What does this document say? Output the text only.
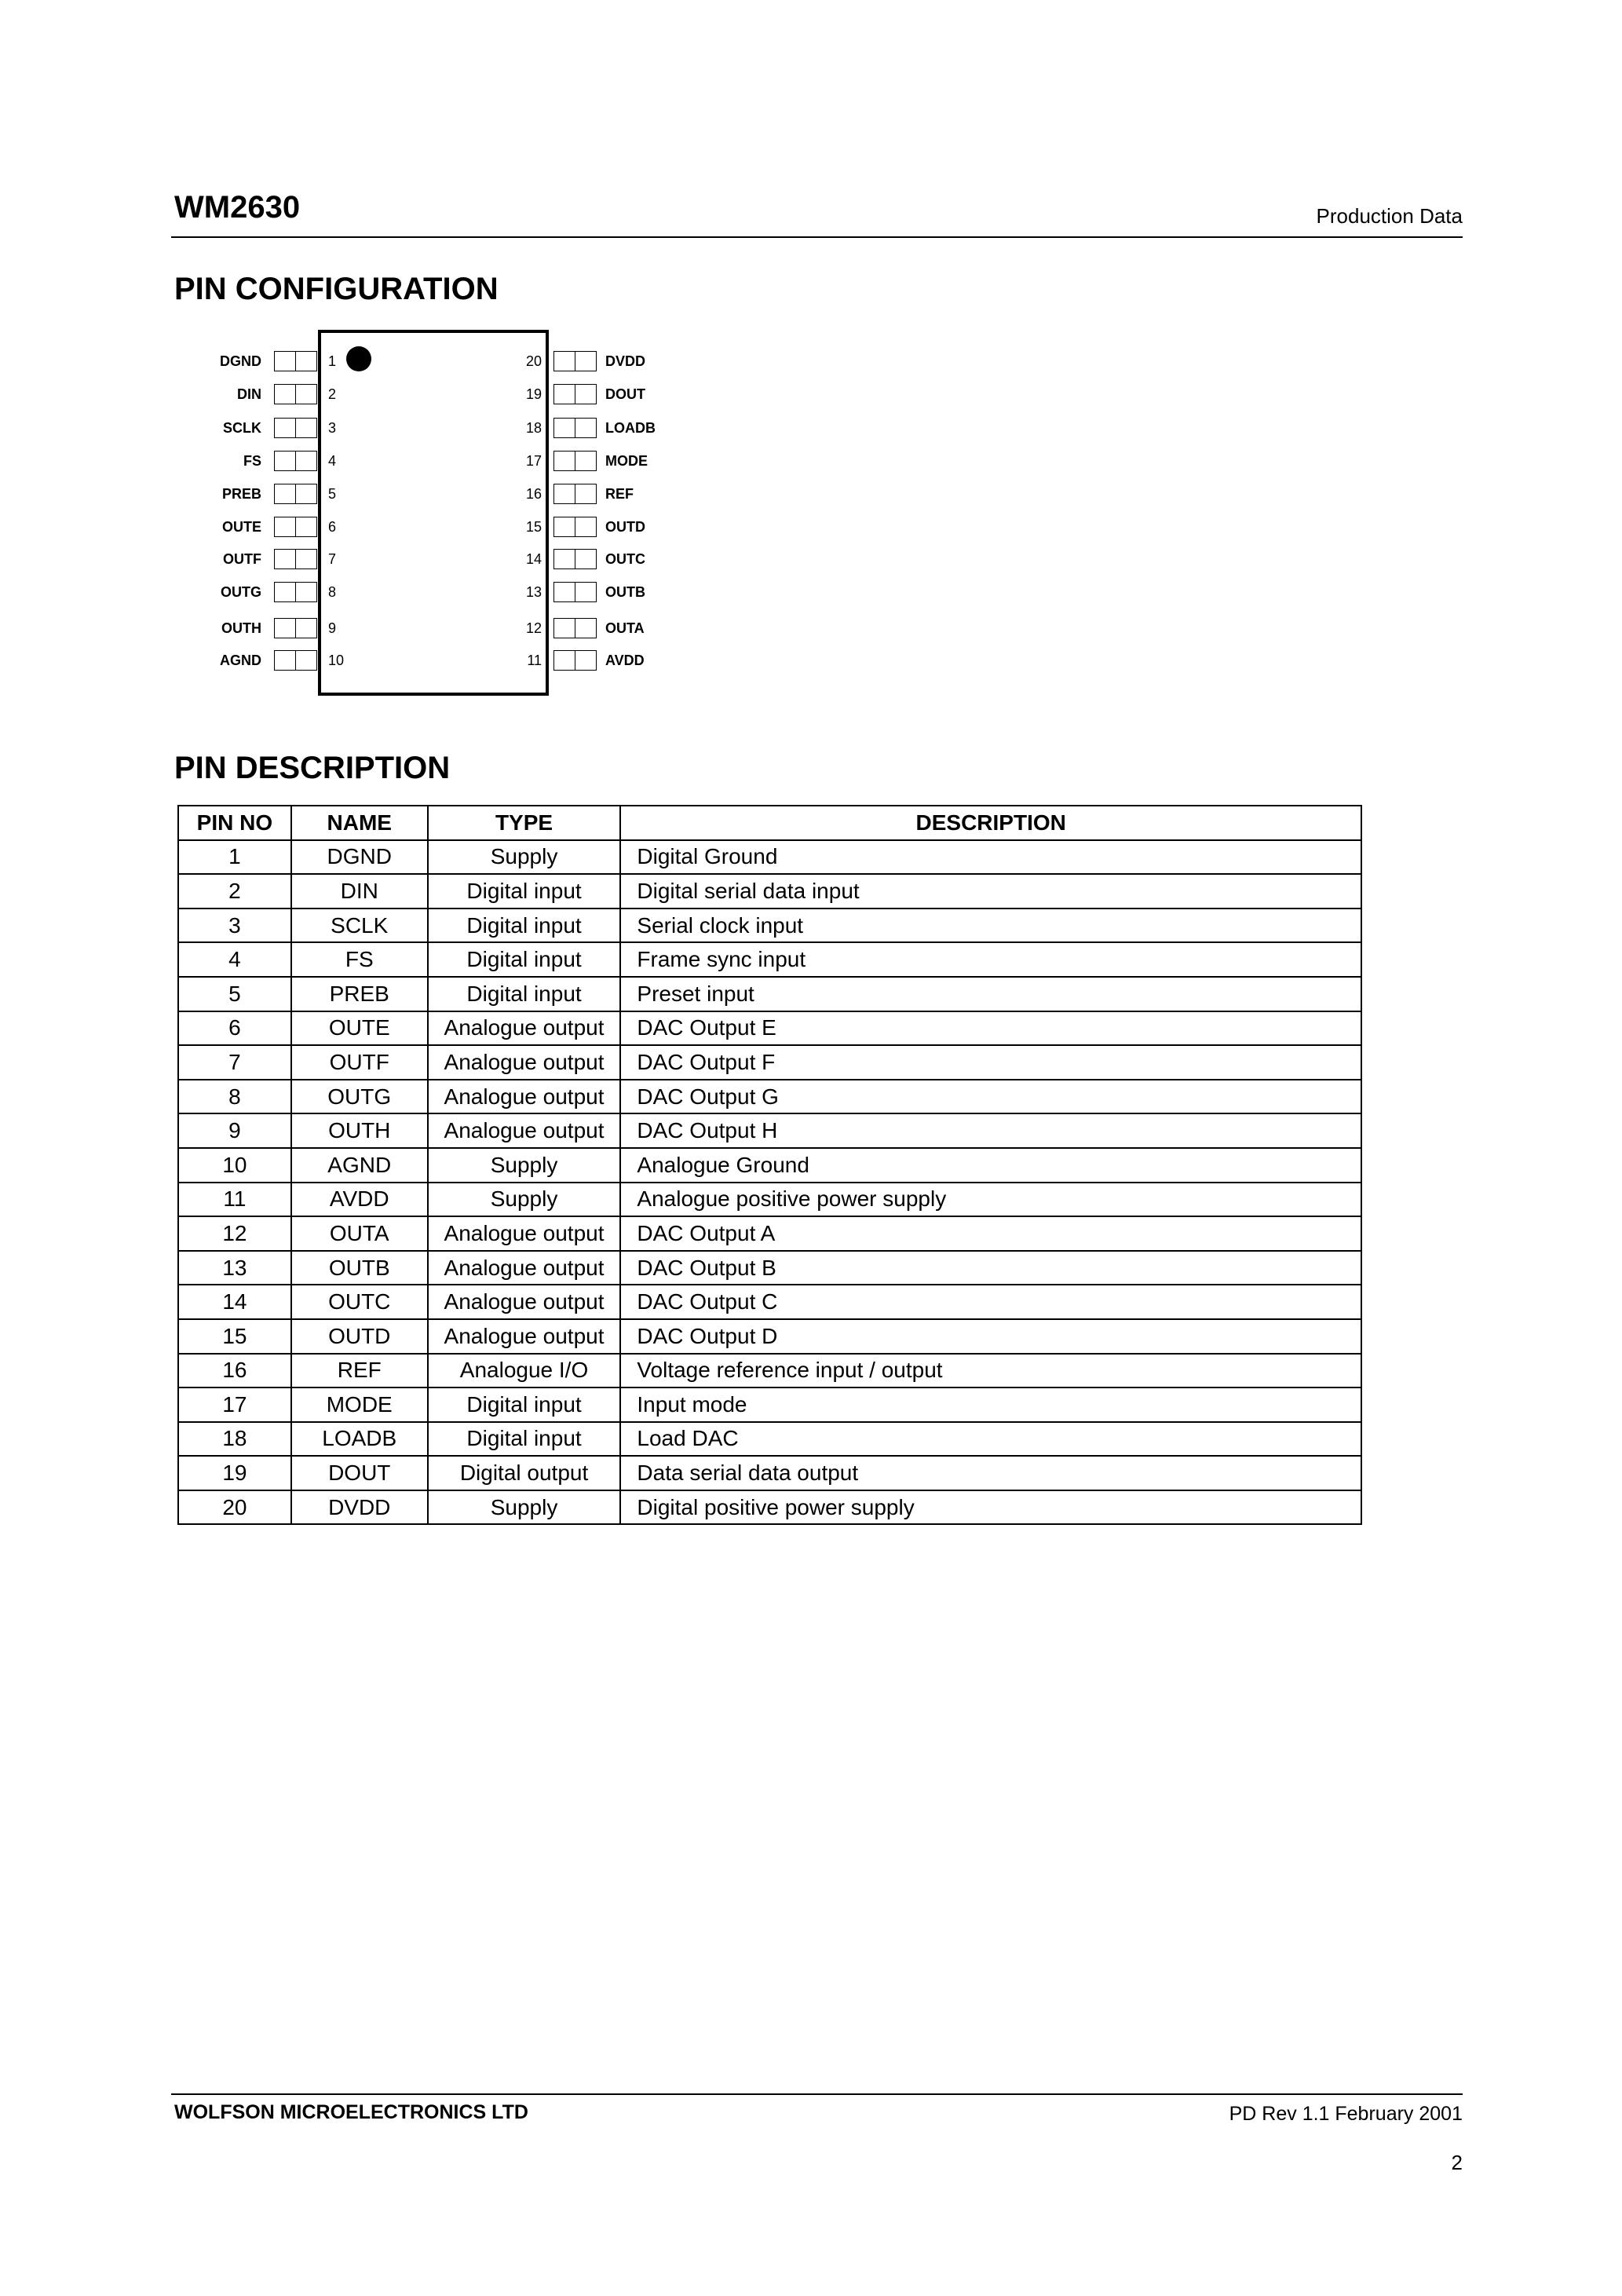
WM2630	Production Data
PIN CONFIGURATION
DGND	1
DIN	2
SCLK	3
FS	4
PREB	5
OUTE	6
OUTF	7
OUTG	8
OUTH	9
AGND	10
20	DVDD
19	DOUT
18	LOADB
17	MODE
16	REF
15	OUTD
14	OUTC
13	OUTB
12	OUTA
11	AVDD
PIN DESCRIPTION
PIN NO	NAME	TYPE	DESCRIPTION
1	DGND	Supply	Digital Ground
2	DIN	Digital input	Digital serial data input
3	SCLK	Digital input	Serial clock input
4	FS	Digital input	Frame sync input
5	PREB	Digital input	Preset input
6	OUTE	Analogue output	DAC Output E
7	OUTF	Analogue output	DAC Output F
8	OUTG	Analogue output	DAC Output G
9	OUTH	Analogue output	DAC Output H
10	AGND	Supply	Analogue Ground
11	AVDD	Supply	Analogue positive power supply
12	OUTA	Analogue output	DAC Output A
13	OUTB	Analogue output	DAC Output B
14	OUTC	Analogue output	DAC Output C
15	OUTD	Analogue output	DAC Output D
16	REF	Analogue I/O	Voltage reference input / output
17	MODE	Digital input	Input mode
18	LOADB	Digital input	Load DAC
19	DOUT	Digital output	Data serial data output
20	DVDD	Supply	Digital positive power supply
WOLFSON MICROELECTRONICS LTD	PD Rev 1.1 February 2001
2
